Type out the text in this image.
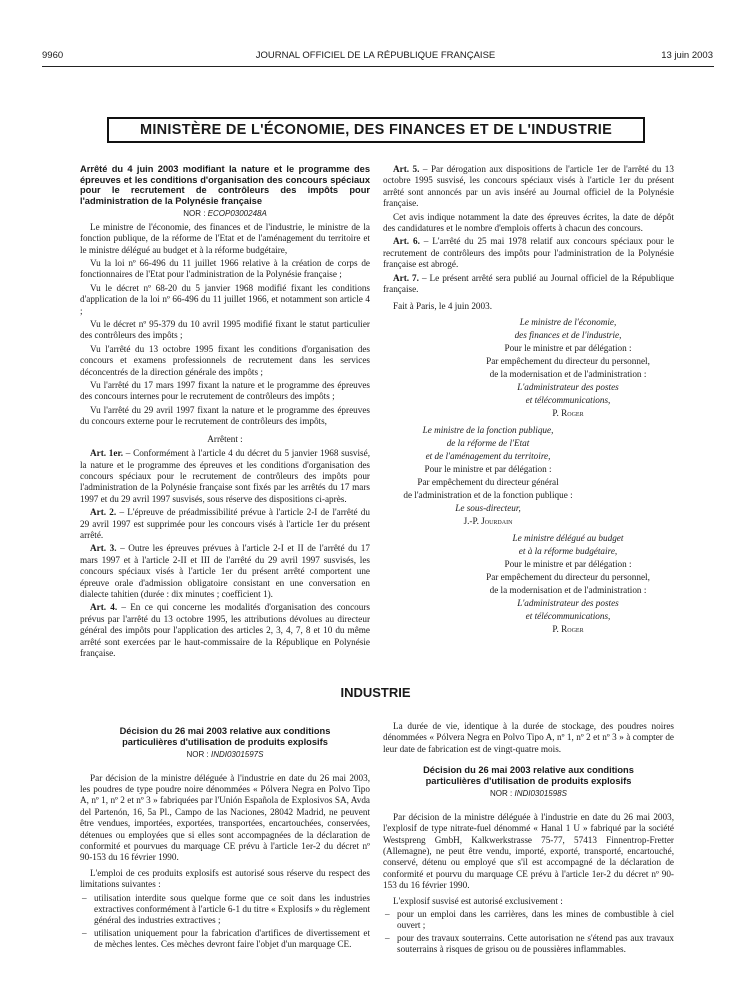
9960	JOURNAL OFFICIEL DE LA RÉPUBLIQUE FRANÇAISE	13 juin 2003
MINISTÈRE DE L'ÉCONOMIE, DES FINANCES ET DE L'INDUSTRIE

Arrêté du 4 juin 2003 modifiant la nature et le programme des épreuves et les conditions d'organisation des concours spéciaux pour le recrutement de contrôleurs des impôts pour l'administration de la Polynésie française

NOR : ECOP0300248A

Le ministre de l'économie, des finances et de l'industrie, le ministre de la fonction publique, de la réforme de l'Etat et de l'aménagement du territoire et le ministre délégué au budget et à la réforme budgétaire,

Vu la loi nº 66-496 du 11 juillet 1966 relative à la création de corps de fonctionnaires de l'Etat pour l'administration de la Polynésie française ;

Vu le décret nº 68-20 du 5 janvier 1968 modifié fixant les conditions d'application de la loi nº 66-496 du 11 juillet 1966, et notamment son article 4 ;

Vu le décret nº 95-379 du 10 avril 1995 modifié fixant le statut particulier des contrôleurs des impôts ;

Vu l'arrêté du 13 octobre 1995 fixant les conditions d'organisation des concours et examens professionnels de recrutement dans les services déconcentrés de la direction générale des impôts ;

Vu l'arrêté du 17 mars 1997 fixant la nature et le programme des épreuves des concours internes pour le recrutement de contrôleurs des impôts ;

Vu l'arrêté du 29 avril 1997 fixant la nature et le programme des épreuves du concours externe pour le recrutement de contrôleurs des impôts,

Arrêtent :

Art. 1er. – Conformément à l'article 4 du décret du 5 janvier 1968 susvisé, la nature et le programme des épreuves et les conditions d'organisation des concours spéciaux pour le recrutement de contrôleurs des impôts pour l'administration de la Polynésie française sont fixés par les arrêtés du 17 mars 1997 et du 29 avril 1997 susvisés, sous réserve des dispositions ci-après.

Art. 2. – L'épreuve de préadmissibilité prévue à l'article 2-I de l'arrêté du 29 avril 1997 est supprimée pour les concours visés à l'article 1er du présent arrêté.

Art. 3. – Outre les épreuves prévues à l'article 2-I et II de l'arrêté du 17 mars 1997 et à l'article 2-II et III de l'arrêté du 29 avril 1997 susvisés, les concours spéciaux visés à l'article 1er du présent arrêté comportent une épreuve orale d'admission obligatoire consistant en une conversation en dialecte tahitien (durée : dix minutes ; coefficient 1).

Art. 4. – En ce qui concerne les modalités d'organisation des concours prévus par l'arrêté du 13 octobre 1995, les attributions dévolues au directeur général des impôts pour l'application des articles 2, 3, 4, 7, 8 et 10 du même arrêté sont exercées par le haut-commissaire de la République en Polynésie française.

Art. 5. – Par dérogation aux dispositions de l'article 1er de l'arrêté du 13 octobre 1995 susvisé, les concours spéciaux visés à l'article 1er du présent arrêté sont annoncés par un avis inséré au Journal officiel de la Polynésie française.

Cet avis indique notamment la date des épreuves écrites, la date de dépôt des candidatures et le nombre d'emplois offerts à chacun des concours.

Art. 6. – L'arrêté du 25 mai 1978 relatif aux concours spéciaux pour le recrutement de contrôleurs des impôts pour l'administration de la Polynésie française est abrogé.

Art. 7. – Le présent arrêté sera publié au Journal officiel de la République française.

Fait à Paris, le 4 juin 2003.

Le ministre de l'économie,

des finances et de l'industrie,

Pour le ministre et par délégation :

Par empêchement du directeur du personnel,

de la modernisation et de l'administration :

L'administrateur des postes

et télécommunications,

P. Roger

Le ministre de la fonction publique,

de la réforme de l'Etat

et de l'aménagement du territoire,

Pour le ministre et par délégation :

Par empêchement du directeur général

de l'administration et de la fonction publique :

Le sous-directeur,

J.-P. Jourdain

Le ministre délégué au budget

et à la réforme budgétaire,

Pour le ministre et par délégation :

Par empêchement du directeur du personnel,

de la modernisation et de l'administration :

L'administrateur des postes

et télécommunications,

P. Roger

INDUSTRIE

Décision du 26 mai 2003 relative aux conditions particulières d'utilisation de produits explosifs

NOR : INDI0301597S

Par décision de la ministre déléguée à l'industrie en date du 26 mai 2003, les poudres de type poudre noire dénommées « Pólvera Negra en Polvo Tipo A, nº 1, nº 2 et nº 3 » fabriquées par l'Unión Española de Explosivos SA, Avda del Partenón, 16, 5a Pl., Campo de las Naciones, 28042 Madrid, ne peuvent être vendues, importées, exportées, transportées, encartouchées, conservées, détenues ou employées que si elles sont accompagnées de la déclaration de conformité et pourvues du marquage CE prévu à l'article 1er-2 du décret nº 90-153 du 16 février 1990.

L'emploi de ces produits explosifs est autorisé sous réserve du respect des limitations suivantes :

– utilisation interdite sous quelque forme que ce soit dans les industries extractives conformément à l'article 6-1 du titre « Explosifs » du règlement général des industries extractives ;
– utilisation uniquement pour la fabrication d'artifices de divertissement et de mèches lentes. Ces mèches devront faire l'objet d'un marquage CE.

La durée de vie, identique à la durée de stockage, des poudres noires dénommées « Pólvera Negra en Polvo Tipo A, nº 1, nº 2 et nº 3 » à compter de leur date de fabrication est de vingt-quatre mois.

Décision du 26 mai 2003 relative aux conditions particulières d'utilisation de produits explosifs

NOR : INDI0301598S

Par décision de la ministre déléguée à l'industrie en date du 26 mai 2003, l'explosif de type nitrate-fuel dénommé « Hanal 1 U » fabriqué par la société Westspreng GmbH, Kalkwerkstrasse 75-77, 57413 Finnentrop-Fretter (Allemagne), ne peut être vendu, importé, exporté, transporté, encartouché, conservé, détenu ou employé que s'il est accompagné de la déclaration de conformité et pourvu du marquage CE prévu à l'article 1er-2 du décret nº 90-153 du 16 février 1990.

L'explosif susvisé est autorisé exclusivement :

– pour un emploi dans les carrières, dans les mines de combustible à ciel ouvert ;
– pour des travaux souterrains. Cette autorisation ne s'étend pas aux travaux souterrains à risques de grisou ou de poussières inflammables.
